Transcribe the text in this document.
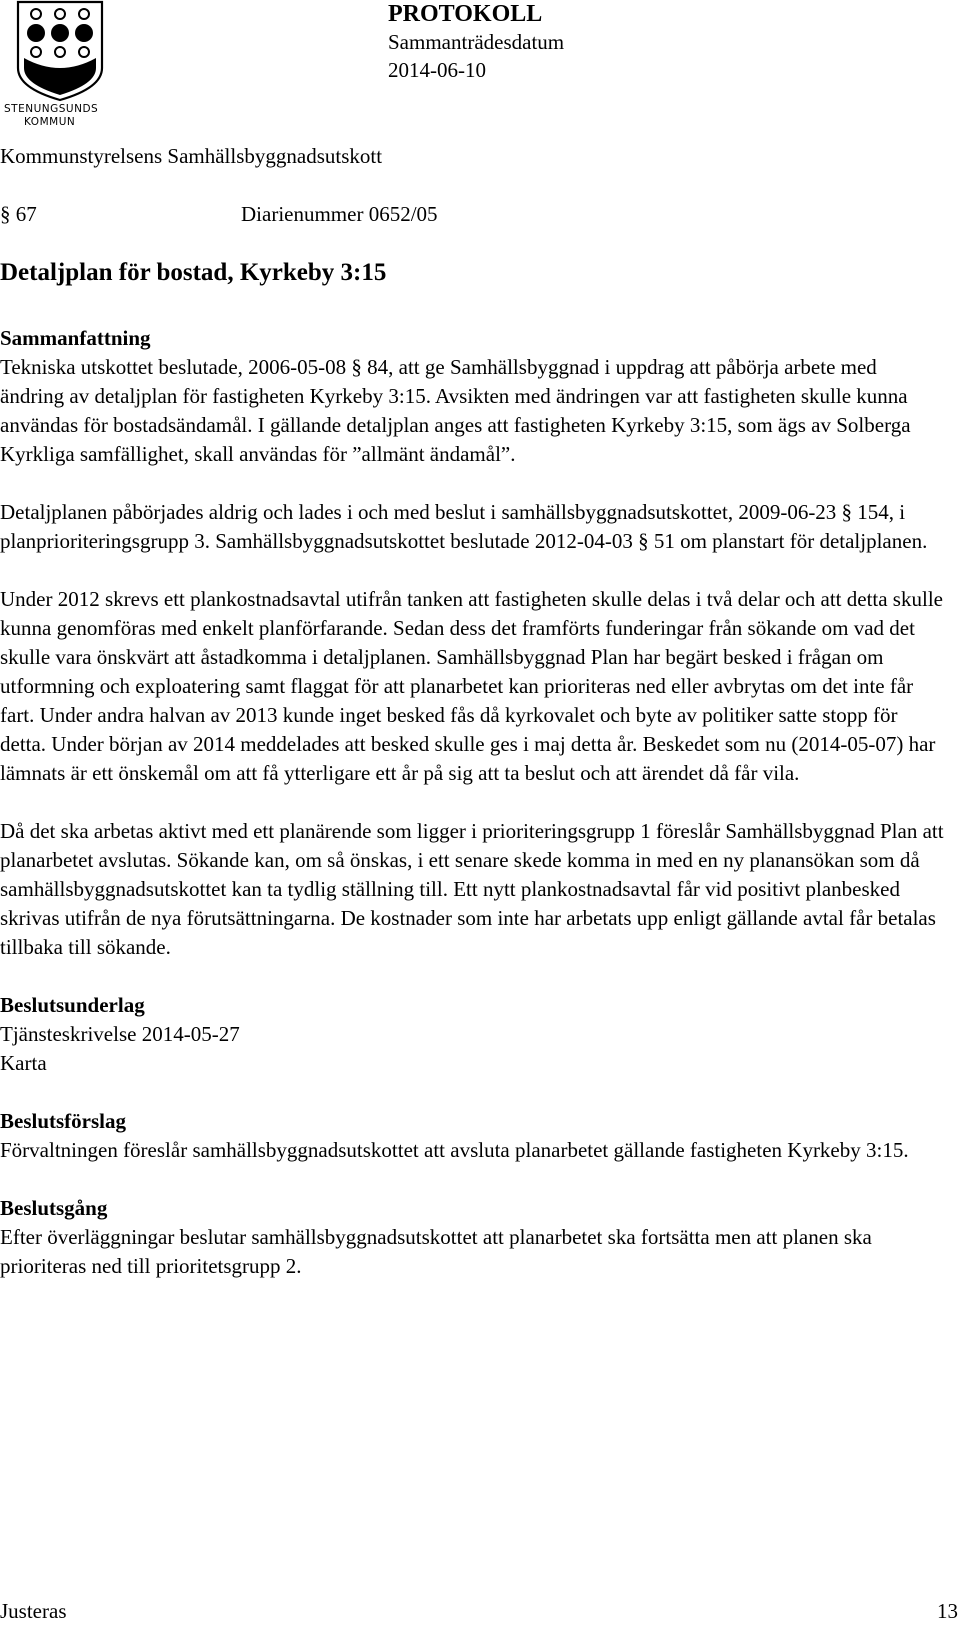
STENUNGSUNDS
KOMMUN
PROTOKOLL
Sammanträdesdatum
2014-06-10
Kommunstyrelsens Samhällsbyggnadsutskott
§ 67	Diarienummer 0652/05
Detaljplan för bostad, Kyrkeby 3:15
Sammanfattning

Tekniska utskottet beslutade, 2006-05-08 § 84, att ge Samhällsbyggnad i uppdrag att påbörja arbete med ändring av detaljplan för fastigheten Kyrkeby 3:15. Avsikten med ändringen var att fastigheten skulle kunna användas för bostadsändamål. I gällande detaljplan anges att fastigheten Kyrkeby 3:15, som ägs av Solberga Kyrkliga samfällighet, skall användas för ”allmänt ändamål”.

Detaljplanen påbörjades aldrig och lades i och med beslut i samhällsbyggnadsutskottet, 2009-06-23 § 154, i planprioriteringsgrupp 3. Samhällsbyggnadsutskottet beslutade 2012-04-03 § 51 om planstart för detaljplanen.

Under 2012 skrevs ett plankostnadsavtal utifrån tanken att fastigheten skulle delas i två delar och att detta skulle kunna genomföras med enkelt planförfarande. Sedan dess det framförts funderingar från sökande om vad det skulle vara önskvärt att åstadkomma i detaljplanen. Samhällsbyggnad Plan har begärt besked i frågan om utformning och exploatering samt flaggat för att planarbetet kan prioriteras ned eller avbrytas om det inte får fart. Under andra halvan av 2013 kunde inget besked fås då kyrkovalet och byte av politiker satte stopp för detta. Under början av 2014 meddelades att besked skulle ges i maj detta år. Beskedet som nu (2014-05-07) har lämnats är ett önskemål om att få ytterligare ett år på sig att ta beslut och att ärendet då får vila.

Då det ska arbetas aktivt med ett planärende som ligger i prioriteringsgrupp 1 föreslår Samhällsbyggnad Plan att planarbetet avslutas. Sökande kan, om så önskas, i ett senare skede komma in med en ny planansökan som då samhällsbyggnadsutskottet kan ta tydlig ställning till. Ett nytt plankostnadsavtal får vid positivt planbesked skrivas utifrån de nya förutsättningarna. De kostnader som inte har arbetats upp enligt gällande avtal får betalas tillbaka till sökande.

Beslutsunderlag

Tjänsteskrivelse 2014-05-27

Karta

Beslutsförslag

Förvaltningen föreslår samhällsbyggnadsutskottet att avsluta planarbetet gällande fastigheten Kyrkeby 3:15.

Beslutsgång

Efter överläggningar beslutar samhällsbyggnadsutskottet att planarbetet ska fortsätta men att planen ska prioriteras ned till prioritetsgrupp 2.

Justeras	13
